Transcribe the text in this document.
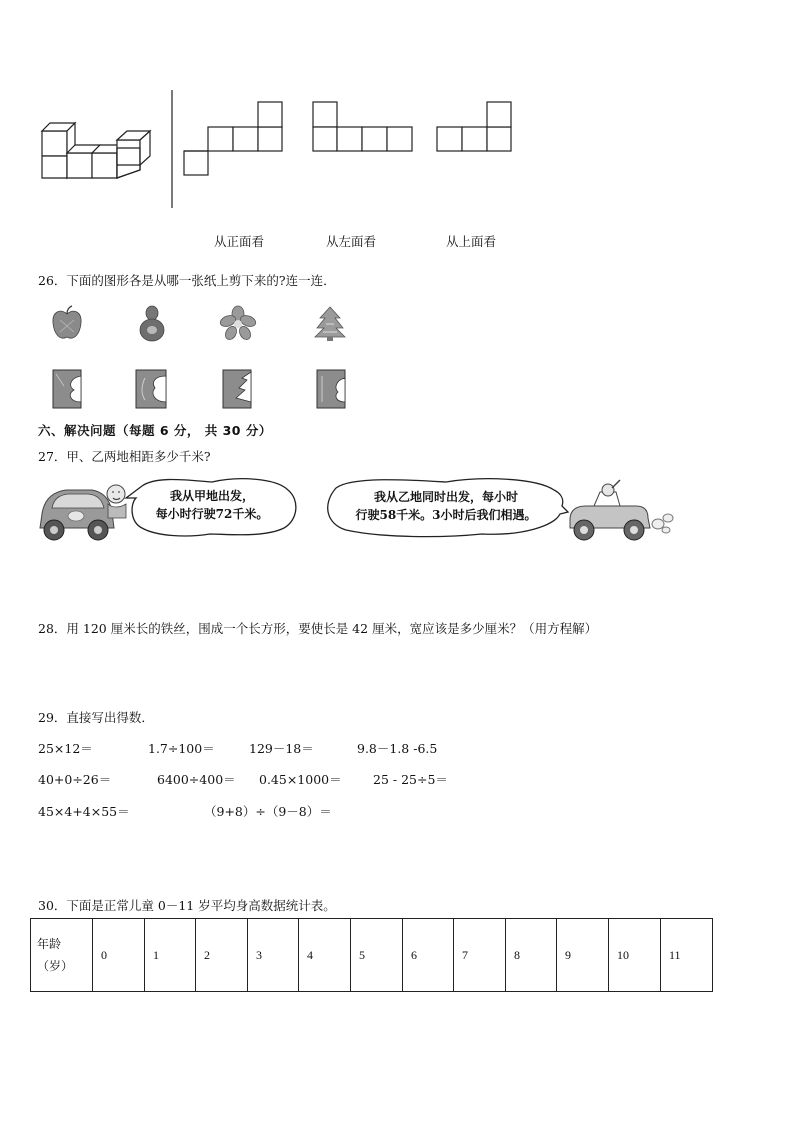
从正面看	从左面看	从上面看
26．下面的图形各是从哪一张纸上剪下来的?连一连．
六、解决问题（每题 6 分， 共 30 分）
27．甲、乙两地相距多少千米?
我从甲地出发，
每小时行驶72千米。
我从乙地同时出发，每小时
行驶58千米。3小时后我们相遇。
28．用 120 厘米长的铁丝，围成一个长方形，要使长是 42 厘米，宽应该是多少厘米？（用方程解）
29．直接写出得数．
25×12＝	1.7÷100＝	129－18＝	9.8－1.8 -6.5
40+0÷26＝	6400÷400＝ 0.45×1000＝	25 - 25÷5＝
45×4+4×55＝	（9+8）÷（9－8）＝
30．下面是正常儿童 0－11 岁平均身高数据统计表。
年龄
（岁）
	0	1	2	3	4	5	6	7	8	9	10	11
